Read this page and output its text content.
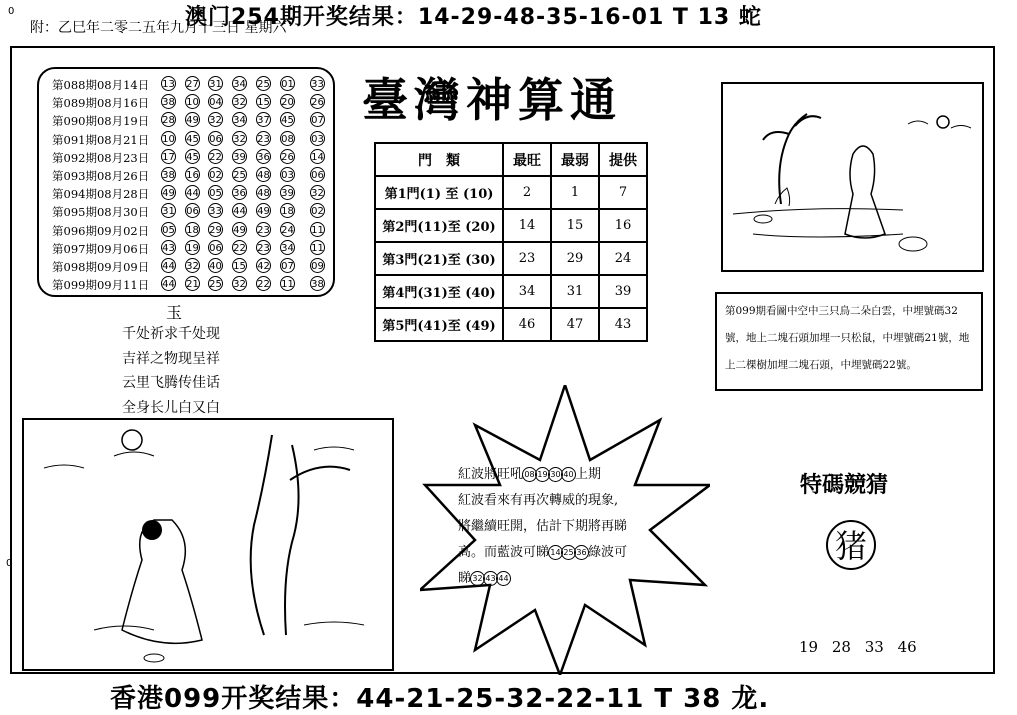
0	澳门254期开奖结果：14-29-48-35-16-01 T 13 蛇
附：乙巳年二零二五年九月十三日 星期六
0
第088期08月14日	13 27 31 34 25 01 33
第089期08月16日	38 10 04 32 15 20 26
第090期08月19日	28 49 32 34 37 45 07
第091期08月21日	10 45 06 32 23 08 03
第092期08月23日	17 45 22 39 36 26 14
第093期08月26日	38 16 02 25 48 03 06
第094期08月28日	49 44 05 36 48 39 32
第095期08月30日	31 06 33 44 49 18 02
第096期09月02日	05 18 29 49 23 24 11
第097期09月06日	43 19 06 22 23 34 11
第098期09月09日	44 32 40 15 42 07 09
第099期09月11日	44 21 25 32 22 11 38
玉
千处祈求千处现
吉祥之物现呈祥
云里飞腾传佳话
全身长儿白又白
臺灣神算通
門　類	最旺	最弱	提供
第1門(1) 至 (10)	2	1	7
第2門(11)至 (20)	14	15	16
第3門(21)至 (30)	23	29	24
第4門(31)至 (40)	34	31	39
第5門(41)至 (49)	46	47	43
第099期看圖中空中三只鳥二朵白雲，中埋號碼32號，地上二塊石頭加埋一只松鼠，中埋號碼21號，地上二棵樹加埋二塊石頭，中埋號碼22號。
紅波將旺吼08 19 30 40上期
紅波看來有再次轉威的現象,
將繼續旺開，估計下期將再睇
高。而藍波可睇14 25 36綠波可
睇32 43 44
特碼競猜
猪
19 28 33 46
香港099开奖结果：44-21-25-32-22-11 T 38 龙.
